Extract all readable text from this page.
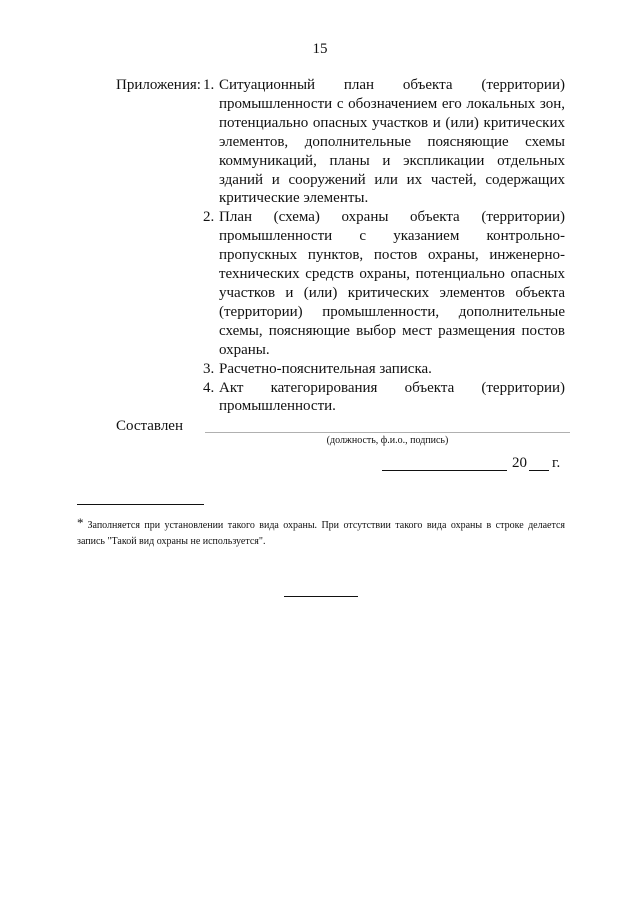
15
Приложения: 1. Ситуационный план объекта (территории) промышленности с обозначением его локальных зон, потенциально опасных участков и (или) критических элементов, дополнительные поясняющие схемы коммуникаций, планы и экспликации отдельных зданий и сооружений или их частей, содержащих критические элементы.
2. План (схема) охраны объекта (территории) промышленности с указанием контрольно-пропускных пунктов, постов охраны, инженерно-технических средств охраны, потенциально опасных участков и (или) критических элементов объекта (территории) промышленности, дополнительные схемы, поясняющие выбор мест размещения постов охраны.
3. Расчетно-пояснительная записка.
4. Акт категорирования объекта (территории) промышленности.
Составлен
(должность, ф.и.о., подпись)
20 г.
* Заполняется при установлении такого вида охраны. При отсутствии такого вида охраны в строке делается запись "Такой вид охраны не используется".
